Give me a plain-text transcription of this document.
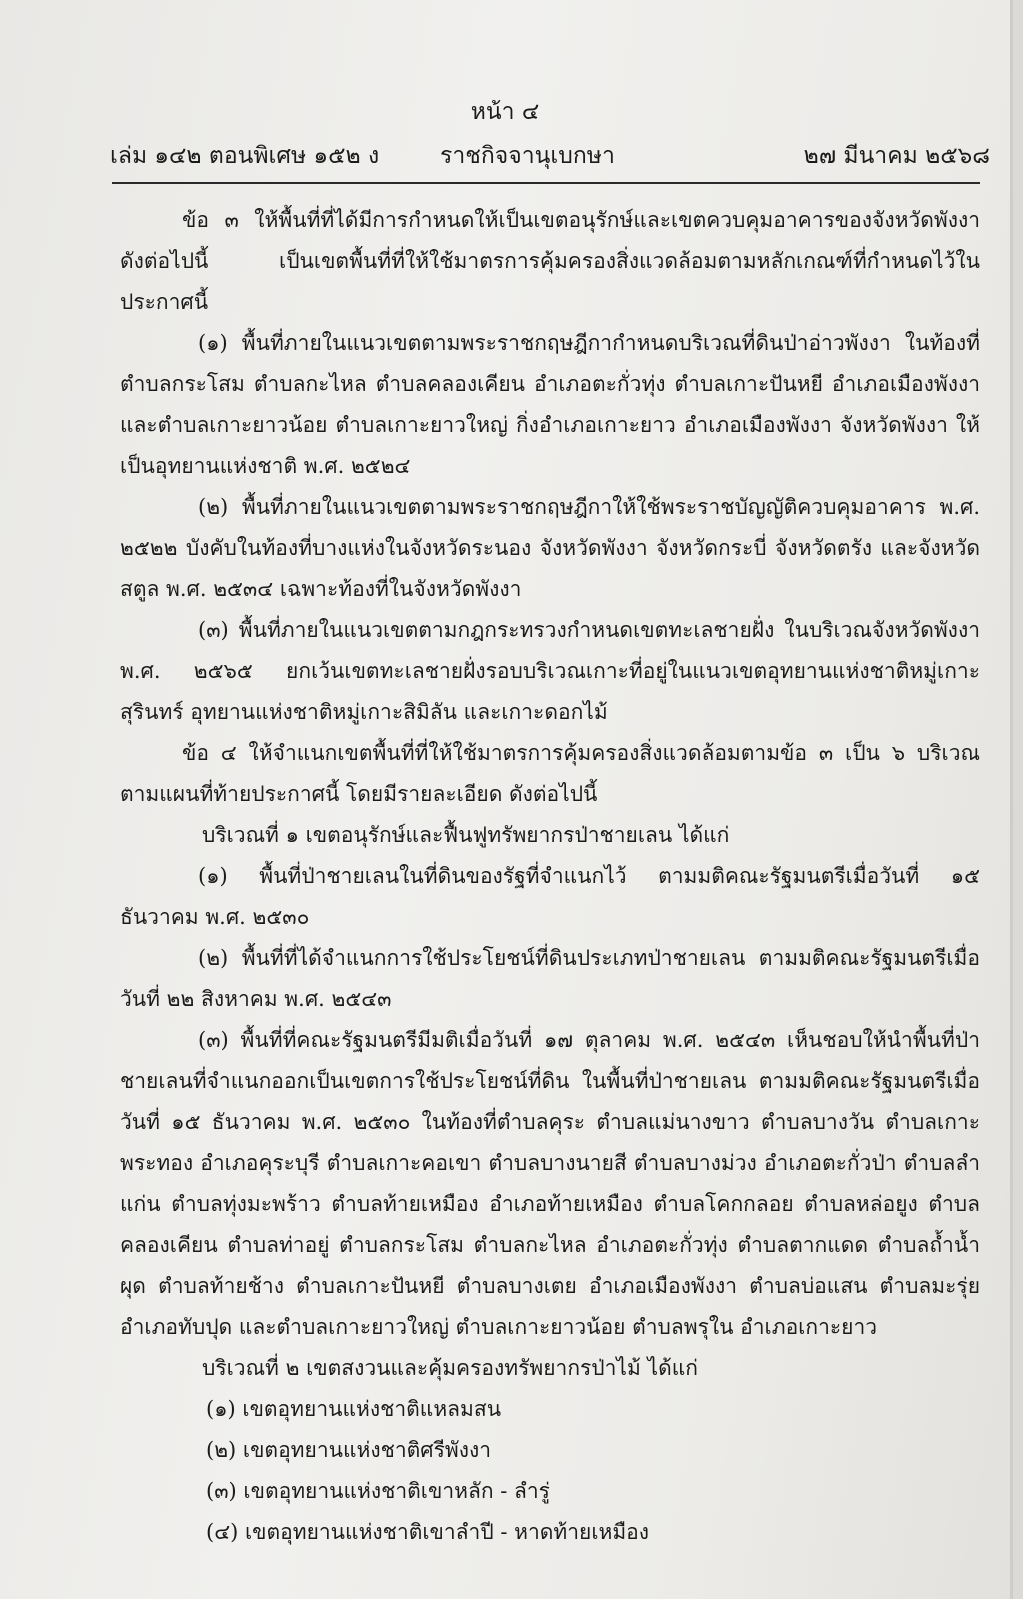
หน้า ๔
เล่ม ๑๔๒ ตอนพิเศษ ๑๕๒ ง	ราชกิจจานุเบกษา	๒๗ มีนาคม ๒๕๖๘

ข้อ ๓ ให้พื้นที่ที่ได้มีการกำหนดให้เป็นเขตอนุรักษ์และเขตควบคุมอาคารของจังหวัดพังงาดังต่อไปนี้ เป็นเขตพื้นที่ที่ให้ใช้มาตรการคุ้มครองสิ่งแวดล้อมตามหลักเกณฑ์ที่กำหนดไว้ในประกาศนี้

(๑) พื้นที่ภายในแนวเขตตามพระราชกฤษฎีกากำหนดบริเวณที่ดินป่าอ่าวพังงา ในท้องที่ตำบลกระโสม ตำบลกะไหล ตำบลคลองเคียน อำเภอตะกั่วทุ่ง ตำบลเกาะปันหยี อำเภอเมืองพังงา และตำบลเกาะยาวน้อย ตำบลเกาะยาวใหญ่ กิ่งอำเภอเกาะยาว อำเภอเมืองพังงา จังหวัดพังงา ให้เป็นอุทยานแห่งชาติ พ.ศ. ๒๕๒๔

(๒) พื้นที่ภายในแนวเขตตามพระราชกฤษฎีกาให้ใช้พระราชบัญญัติควบคุมอาคาร พ.ศ. ๒๕๒๒ บังคับในท้องที่บางแห่งในจังหวัดระนอง จังหวัดพังงา จังหวัดกระบี่ จังหวัดตรัง และจังหวัดสตูล พ.ศ. ๒๕๓๔ เฉพาะท้องที่ในจังหวัดพังงา

(๓) พื้นที่ภายในแนวเขตตามกฎกระทรวงกำหนดเขตทะเลชายฝั่ง ในบริเวณจังหวัดพังงา พ.ศ. ๒๕๖๕ ยกเว้นเขตทะเลชายฝั่งรอบบริเวณเกาะที่อยู่ในแนวเขตอุทยานแห่งชาติหมู่เกาะสุรินทร์ อุทยานแห่งชาติหมู่เกาะสิมิลัน และเกาะดอกไม้

ข้อ ๔ ให้จำแนกเขตพื้นที่ที่ให้ใช้มาตรการคุ้มครองสิ่งแวดล้อมตามข้อ ๓ เป็น ๖ บริเวณ ตามแผนที่ท้ายประกาศนี้ โดยมีรายละเอียด ดังต่อไปนี้

บริเวณที่ ๑ เขตอนุรักษ์และฟื้นฟูทรัพยากรป่าชายเลน ได้แก่

(๑) พื้นที่ป่าชายเลนในที่ดินของรัฐที่จำแนกไว้ ตามมติคณะรัฐมนตรีเมื่อวันที่ ๑๕ ธันวาคม พ.ศ. ๒๕๓๐

(๒) พื้นที่ที่ได้จำแนกการใช้ประโยชน์ที่ดินประเภทป่าชายเลน ตามมติคณะรัฐมนตรีเมื่อวันที่ ๒๒ สิงหาคม พ.ศ. ๒๕๔๓

(๓) พื้นที่ที่คณะรัฐมนตรีมีมติเมื่อวันที่ ๑๗ ตุลาคม พ.ศ. ๒๕๔๓ เห็นชอบให้นำพื้นที่ป่าชายเลนที่จำแนกออกเป็นเขตการใช้ประโยชน์ที่ดิน ในพื้นที่ป่าชายเลน ตามมติคณะรัฐมนตรีเมื่อวันที่ ๑๕ ธันวาคม พ.ศ. ๒๕๓๐ ในท้องที่ตำบลคุระ ตำบลแม่นางขาว ตำบลบางวัน ตำบลเกาะพระทอง อำเภอคุระบุรี ตำบลเกาะคอเขา ตำบลบางนายสี ตำบลบางม่วง อำเภอตะกั่วป่า ตำบลลำแก่น ตำบลทุ่งมะพร้าว ตำบลท้ายเหมือง อำเภอท้ายเหมือง ตำบลโคกกลอย ตำบลหล่อยูง ตำบลคลองเคียน ตำบลท่าอยู่ ตำบลกระโสม ตำบลกะไหล อำเภอตะกั่วทุ่ง ตำบลตากแดด ตำบลถ้ำน้ำผุด ตำบลท้ายช้าง ตำบลเกาะปันหยี ตำบลบางเตย อำเภอเมืองพังงา ตำบลบ่อแสน ตำบลมะรุ่ย อำเภอทับปุด และตำบลเกาะยาวใหญ่ ตำบลเกาะยาวน้อย ตำบลพรุใน อำเภอเกาะยาว

บริเวณที่ ๒ เขตสงวนและคุ้มครองทรัพยากรป่าไม้ ได้แก่

(๑) เขตอุทยานแห่งชาติแหลมสน

(๒) เขตอุทยานแห่งชาติศรีพังงา

(๓) เขตอุทยานแห่งชาติเขาหลัก - ลำรู่

(๔) เขตอุทยานแห่งชาติเขาลำปี - หาดท้ายเหมือง
